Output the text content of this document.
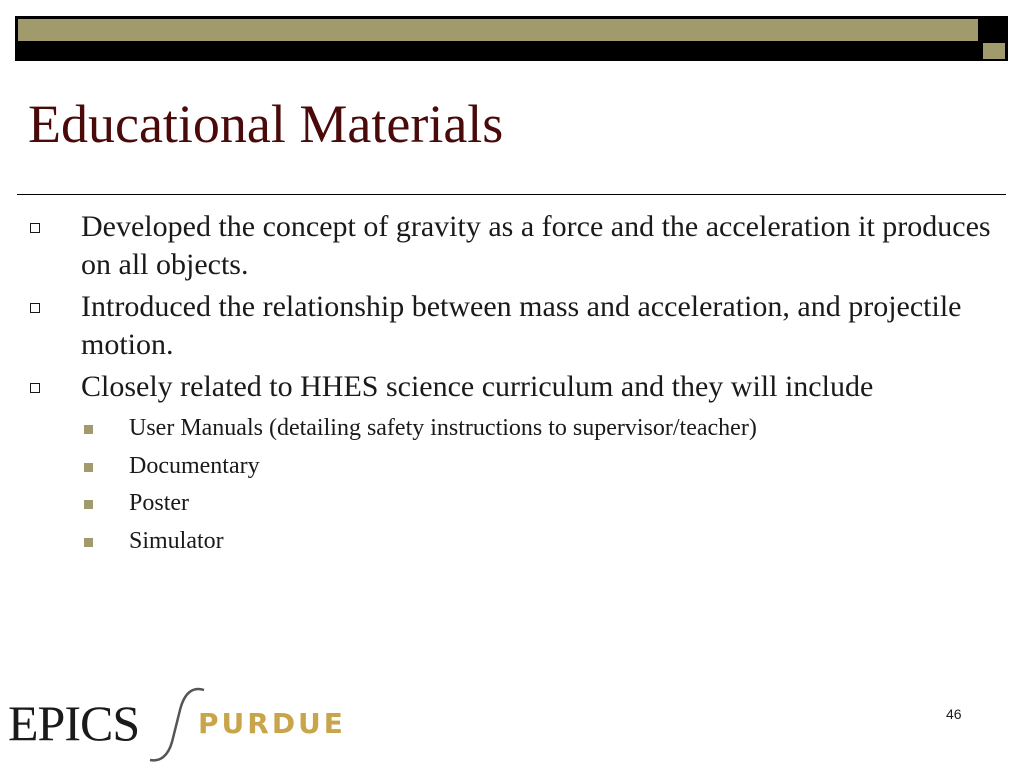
Educational Materials
Developed the concept of gravity as a force and the acceleration it produces on all objects.
Introduced the relationship between mass and acceleration, and projectile motion.
Closely related to HHES science curriculum and they will include
User Manuals (detailing safety instructions to supervisor/teacher)
Documentary
Poster
Simulator
EPICS PURDUE	46
